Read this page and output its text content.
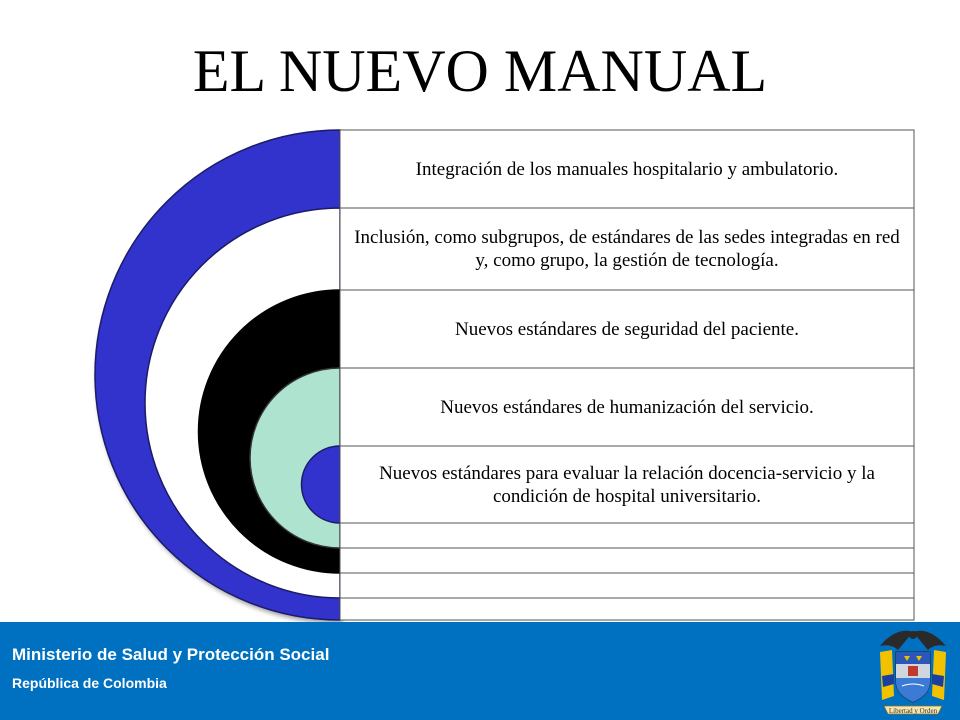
EL NUEVO MANUAL
Integración de los manuales hospitalario y ambulatorio.
Inclusión, como subgrupos, de estándares de las sedes integradas en red y, como grupo, la gestión de tecnología.
Nuevos estándares de seguridad del paciente.
Nuevos estándares de humanización del servicio.
Nuevos estándares para evaluar la relación docencia-servicio y la condición de hospital universitario.
Ministerio de Salud y Protección Social
República de Colombia
Libertad y Orden
